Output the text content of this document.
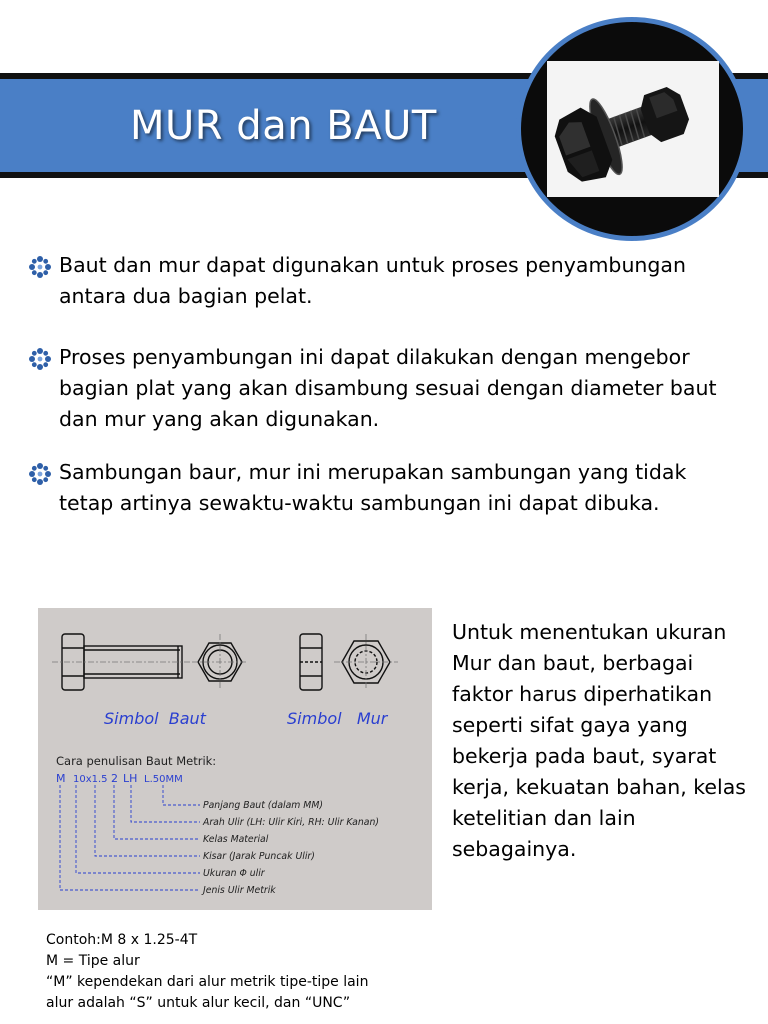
MUR dan BAUT
Baut dan mur dapat digunakan untuk proses penyambungan antara dua bagian pelat.
Proses penyambungan ini dapat dilakukan dengan mengebor bagian plat yang akan disambung sesuai dengan diameter baut dan mur yang akan digunakan.
Sambungan baur, mur ini merupakan sambungan yang tidak tetap artinya sewaktu-waktu sambungan ini dapat dibuka.
Simbol  Baut	Simbol   Mur
Cara penulisan Baut Metrik:
M 10x1.5 2 LH L.50MM
Panjang Baut (dalam MM)
Arah Ulir (LH: Ulir Kiri, RH: Ulir Kanan)
Kelas Material
Kisar (Jarak Puncak Ulir)
Ukuran Φ ulir
Jenis Ulir Metrik
Untuk menentukan ukuran Mur dan baut, berbagai faktor harus diperhatikan seperti sifat gaya yang bekerja pada baut, syarat kerja, kekuatan bahan, kelas ketelitian dan lain sebagainya.
Contoh:M 8 x 1.25-4T
M = Tipe alur
“M” kependekan dari alur metrik tipe-tipe lain
alur adalah “S” untuk alur kecil, dan “UNC”
